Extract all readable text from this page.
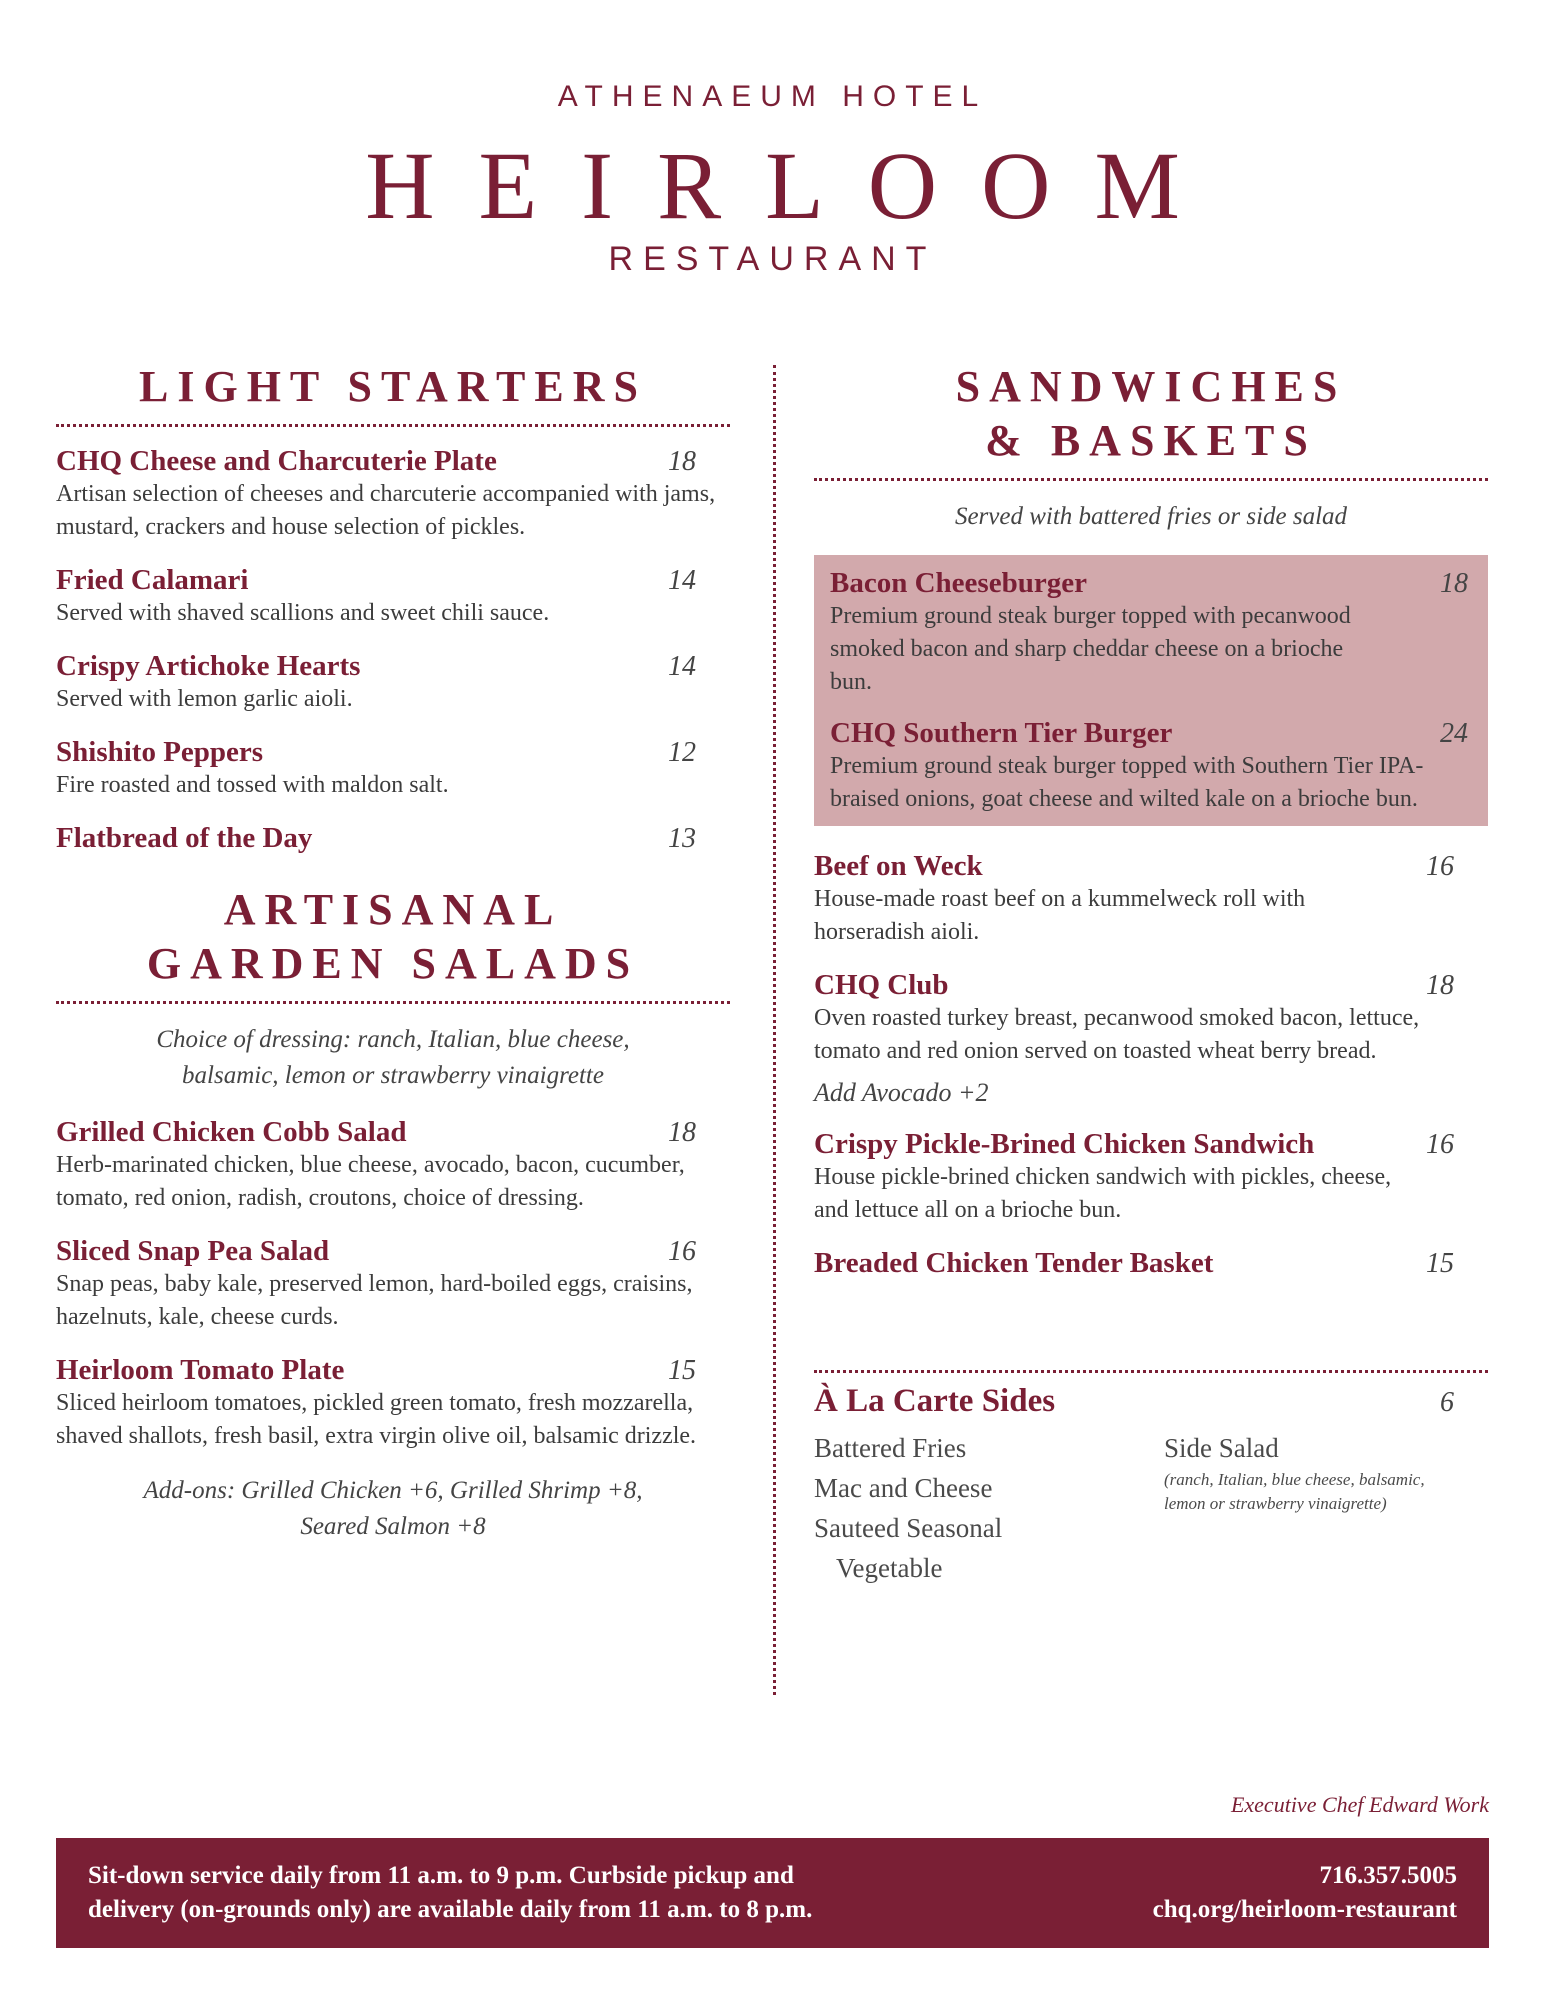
ATHENAEUM HOTEL
HEIRLOOM
RESTAURANT
LIGHT STARTERS
CHQ Cheese and Charcuterie Plate	18
Artisan selection of cheeses and charcuterie accompanied with jams, mustard, crackers and house selection of pickles.
Fried Calamari	14
Served with shaved scallions and sweet chili sauce.
Crispy Artichoke Hearts	14
Served with lemon garlic aioli.
Shishito Peppers	12
Fire roasted and tossed with maldon salt.
Flatbread of the Day	13
ARTISANAL
GARDEN SALADS
Choice of dressing: ranch, Italian, blue cheese,
balsamic, lemon or strawberry vinaigrette
Grilled Chicken Cobb Salad	18
Herb-marinated chicken, blue cheese, avocado, bacon, cucumber, tomato, red onion, radish, croutons, choice of dressing.
Sliced Snap Pea Salad	16
Snap peas, baby kale, preserved lemon, hard-boiled eggs, craisins, hazelnuts, kale, cheese curds.
Heirloom Tomato Plate	15
Sliced heirloom tomatoes, pickled green tomato, fresh mozzarella, shaved shallots, fresh basil, extra virgin olive oil, balsamic drizzle.
Add-ons: Grilled Chicken +6, Grilled Shrimp +8,
Seared Salmon +8
SANDWICHES
& BASKETS
Served with battered fries or side salad
Bacon Cheeseburger	18
Premium ground steak burger topped with pecanwood smoked bacon and sharp cheddar cheese on a brioche bun.
CHQ Southern Tier Burger	24
Premium ground steak burger topped with Southern Tier IPA-braised onions, goat cheese and wilted kale on a brioche bun.
Beef on Weck	16
House-made roast beef on a kummelweck roll with horseradish aioli.
CHQ Club	18
Oven roasted turkey breast, pecanwood smoked bacon, lettuce, tomato and red onion served on toasted wheat berry bread.
Add Avocado +2
Crispy Pickle-Brined Chicken Sandwich	16
House pickle-brined chicken sandwich with pickles, cheese, and lettuce all on a brioche bun.
Breaded Chicken Tender Basket	15
À La Carte Sides	6
Battered Fries
Mac and Cheese
Sauteed Seasonal
Vegetable
Side Salad
(ranch, Italian, blue cheese, balsamic,
lemon or strawberry vinaigrette)
Executive Chef Edward Work
Sit-down service daily from 11 a.m. to 9 p.m. Curbside pickup and
delivery (on-grounds only) are available daily from 11 a.m. to 8 p.m.
716.357.5005
chq.org/heirloom-restaurant
